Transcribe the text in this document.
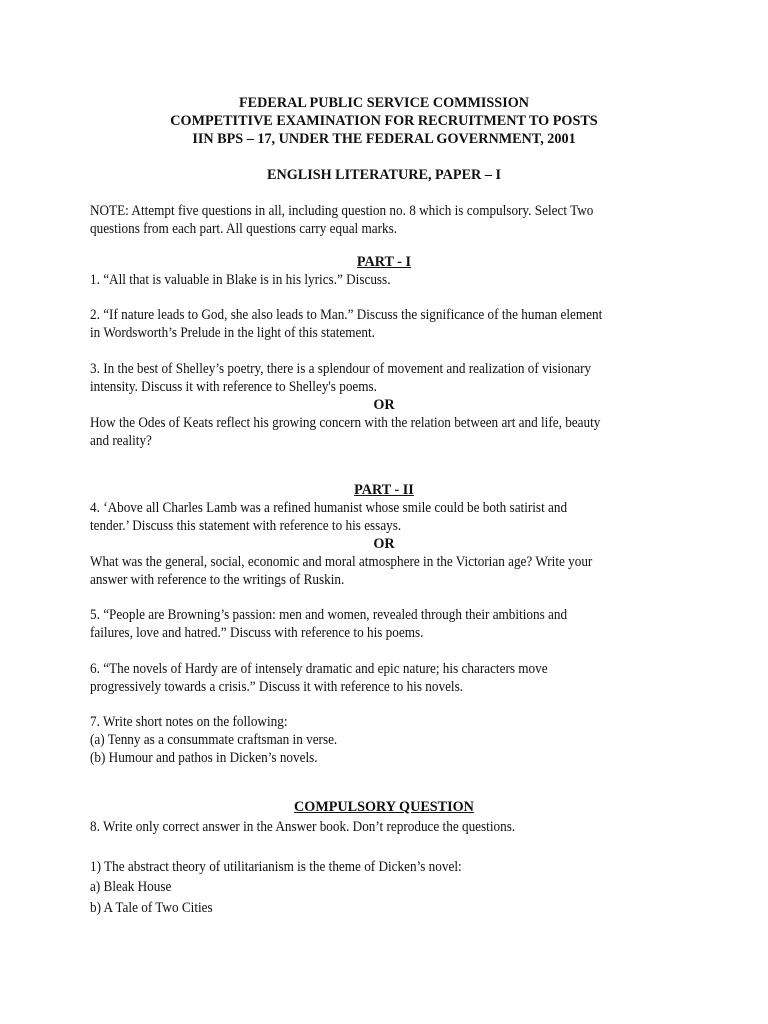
FEDERAL PUBLIC SERVICE COMMISSION
COMPETITIVE EXAMINATION FOR RECRUITMENT TO POSTS
IIN BPS – 17, UNDER THE FEDERAL GOVERNMENT, 2001
ENGLISH LITERATURE, PAPER – I
NOTE: Attempt five questions in all, including question no. 8 which is compulsory. Select Two
questions from each part. All questions carry equal marks.
PART - I
1. “All that is valuable in Blake is in his lyrics.” Discuss.
2. “If nature leads to God, she also leads to Man.” Discuss the significance of the human element
in Wordsworth’s Prelude in the light of this statement.
3. In the best of Shelley’s poetry, there is a splendour of movement and realization of visionary
intensity. Discuss it with reference to Shelley's poems.
OR
How the Odes of Keats reflect his growing concern with the relation between art and life, beauty
and reality?
PART - II
4. ‘Above all Charles Lamb was a refined humanist whose smile could be both satirist and
tender.’ Discuss this statement with reference to his essays.
OR
What was the general, social, economic and moral atmosphere in the Victorian age? Write your
answer with reference to the writings of Ruskin.
5. “People are Browning’s passion: men and women, revealed through their ambitions and
failures, love and hatred.” Discuss with reference to his poems.
6. “The novels of Hardy are of intensely dramatic and epic nature; his characters move
progressively towards a crisis.” Discuss it with reference to his novels.
7. Write short notes on the following:
(a) Tenny as a consummate craftsman in verse.
(b) Humour and pathos in Dicken’s novels.
COMPULSORY QUESTION
8. Write only correct answer in the Answer book. Don’t reproduce the questions.
1) The abstract theory of utilitarianism is the theme of Dicken’s novel:
a) Bleak House
b) A Tale of Two Cities
